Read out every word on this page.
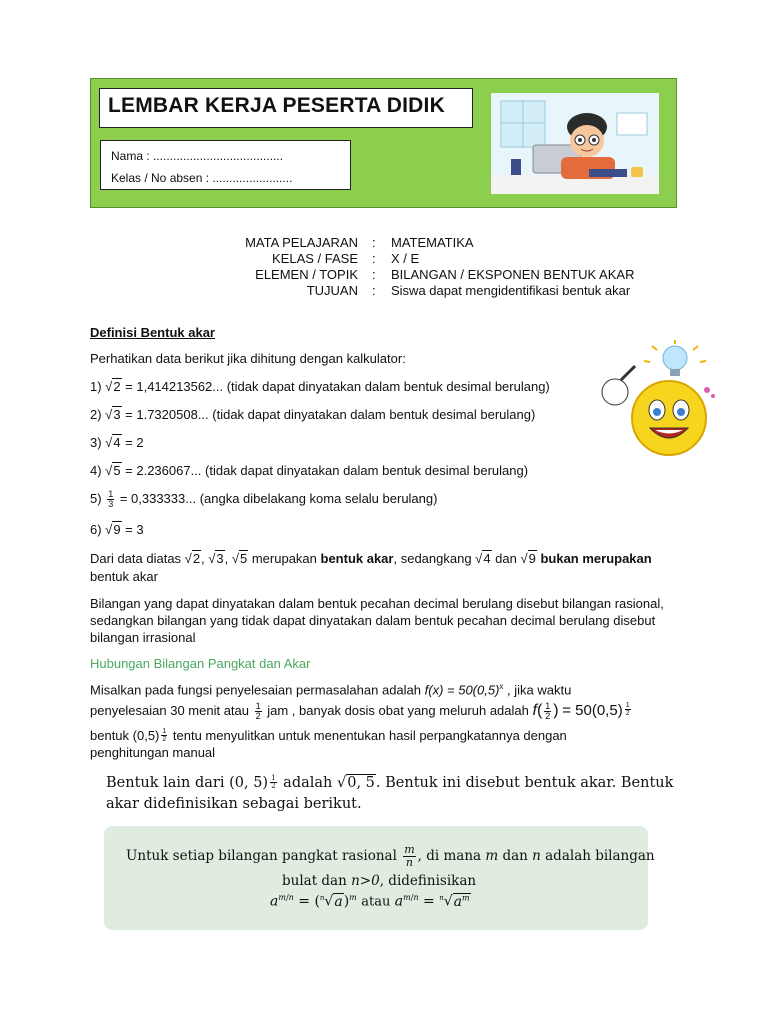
LEMBAR KERJA PESERTA DIDIK
Nama : .......................................
Kelas / No absen : ........................
MATA PELAJARAN : MATEMATIKA
KELAS / FASE : X / E
ELEMEN / TOPIK : BILANGAN / EKSPONEN BENTUK AKAR
TUJUAN : Siswa dapat mengidentifikasi bentuk akar
Definisi Bentuk akar
Perhatikan data berikut jika dihitung dengan kalkulator:
1) √2 = 1,414213562... (tidak dapat dinyatakan dalam bentuk desimal berulang)
2) √3 = 1.7320508... (tidak dapat dinyatakan dalam bentuk desimal berulang)
3) √4 = 2
4) √5 = 2.236067... (tidak dapat dinyatakan dalam bentuk desimal berulang)
$5) \frac{1}{3} = 0,333333$... (angka dibelakang koma selalu berulang)
6) √9 = 3
Dari data diatas √2, √3, √5 merupakan bentuk akar, sedangkang √4 dan √9 bukan merupakan
bentuk akar
Bilangan yang dapat dinyatakan dalam bentuk pecahan decimal berulang disebut bilangan rasional, sedangkan bilangan yang tidak dapat dinyatakan dalam bentuk pecahan decimal berulang disebut bilangan irrasional
Hubungan Bilangan Pangkat dan Akar
Misalkan pada fungsi penyelesaian permasalahan adalah $f(x) = 50(0,5)^x$ , jika waktu
penyelesaian 30 menit atau $\frac{1}{2}$ jam , banyak dosis obat yang meluruh adalah $f( \frac{1}{2}$ ) = 50(0,5) $^{\frac{1}{2}}$
bentuk (0,5) $^{\frac{1}{2}}$ tentu menyulitkan untuk menentukan hasil perpangkatannya dengan
penghitungan manual
Bentuk lain dari (0, 5) $^{\frac{1}{2}}$ adalah √0, 5. Bentuk ini disebut bentuk akar. Bentuk
akar didefinisikan sebagai berikut.
Untuk setiap bilangan pangkat rasional $\frac{m}{n}$ , di mana m dan n adalah bilangan
bulat dan n>0, didefinisikan
$a^{m/n} = (^n√a)^m$ atau $a^{m/n} = ^n√a^m$
